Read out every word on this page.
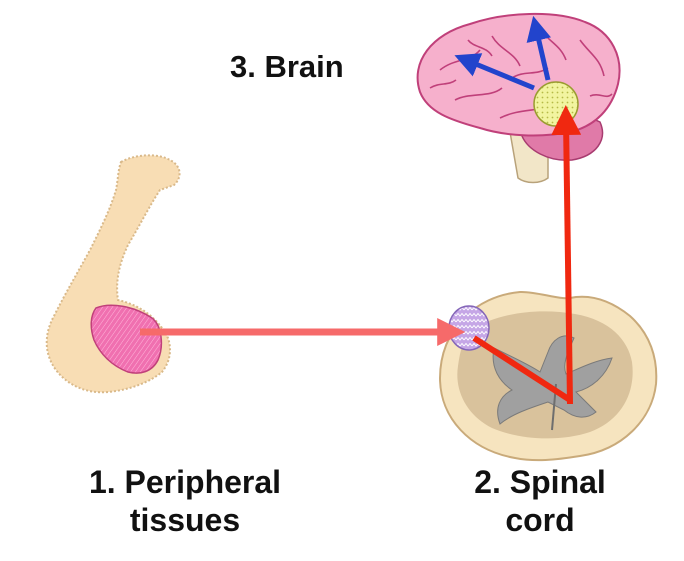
3. Brain
1. Peripheral
tissues
2. Spinal
cord
